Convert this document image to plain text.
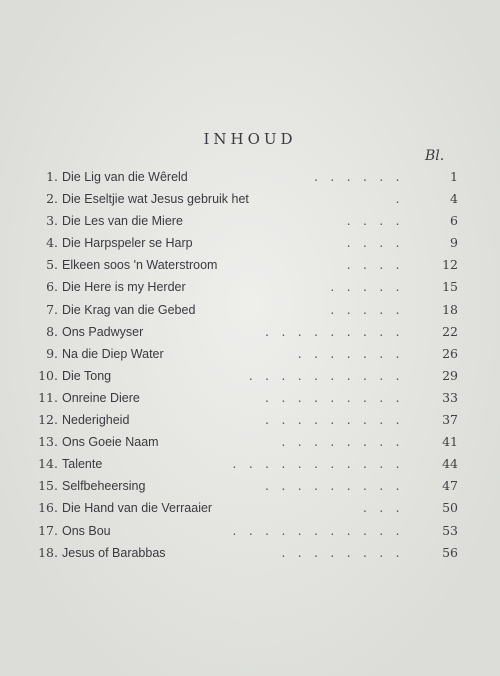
INHOUD
Bl.
1. Die Lig van die Wêreld	......	1
2. Die Eseltjie wat Jesus gebruik het	.	4
3. Die Les van die Miere	....	6
4. Die Harpspeler se Harp	....	9
5. Elkeen soos 'n Waterstroom	....	12
6. Die Here is my Herder	.....	15
7. Die Krag van die Gebed	.....	18
8. Ons Padwyser	.........	22
9. Na die Diep Water	.......	26
10. Die Tong	..........	29
11. Onreine Diere	.........	33
12. Nederigheid	.........	37
13. Ons Goeie Naam	........	41
14. Talente	...........	44
15. Selfbeheersing	.........	47
16. Die Hand van die Verraaier	...	50
17. Ons Bou	...........	53
18. Jesus of Barabbas	........	56
